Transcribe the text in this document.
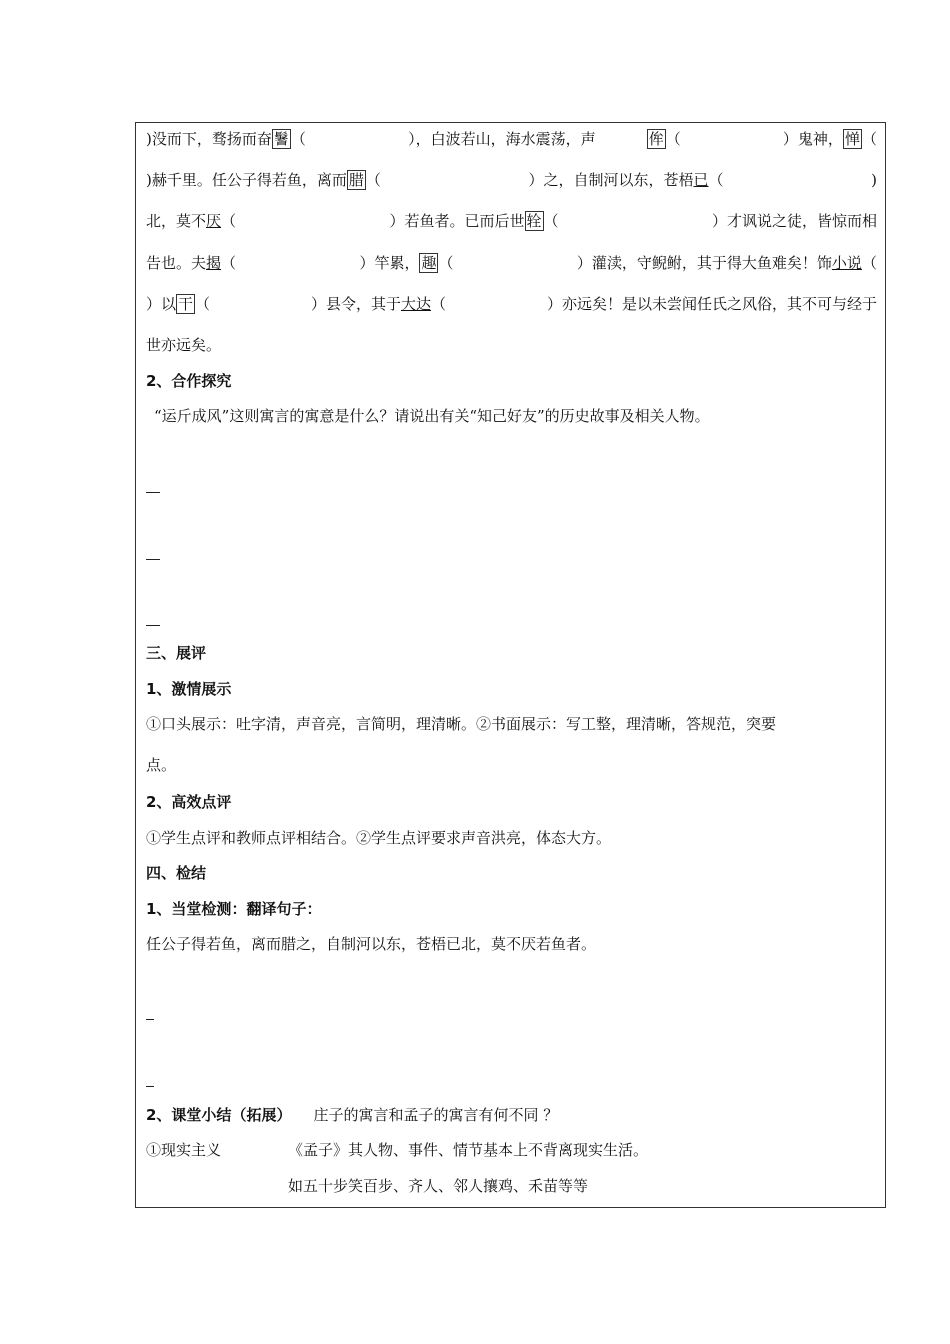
)没而下，骛扬而奋 鬐 （	），白波若山，海水震荡，声	侔 （	）鬼神， 惮 （
)赫千里。任公子得若鱼，离而 腊 （	）之，自制河以东，苍梧已（	)
北，莫不厌（	）若鱼者。已而后世 辁 （	）才讽说之徒，皆惊而相
告也。夫揭（	）竿累， 趣 （	）灌渎，守鲵鲋，其于得大鱼难矣！饰小说（
）以 干 （	）县令，其于大达（	）亦远矣！是以未尝闻任氏之风俗，其不可与经于
世亦远矣。
2、合作探究
“运斤成风”这则寓言的寓意是什么？请说出有关“知己好友”的历史故事及相关人物。
三、展评
1、激情展示
①口头展示：吐字清，声音亮，言简明，理清晰。②书面展示：写工整，理清晰，答规范，突要
点。
2、高效点评
①学生点评和教师点评相结合。②学生点评要求声音洪亮，体态大方。
四、检结
1、当堂检测：翻译句子：
任公子得若鱼，离而腊之，自制河以东，苍梧已北，莫不厌若鱼者。
2、课堂小结（拓展） 庄子的寓言和孟子的寓言有何不同 ？
①现实主义	《孟子》其人物、事件、情节基本上不背离现实生活。
如五十步笑百步、齐人、邻人攘鸡、禾苗等等
